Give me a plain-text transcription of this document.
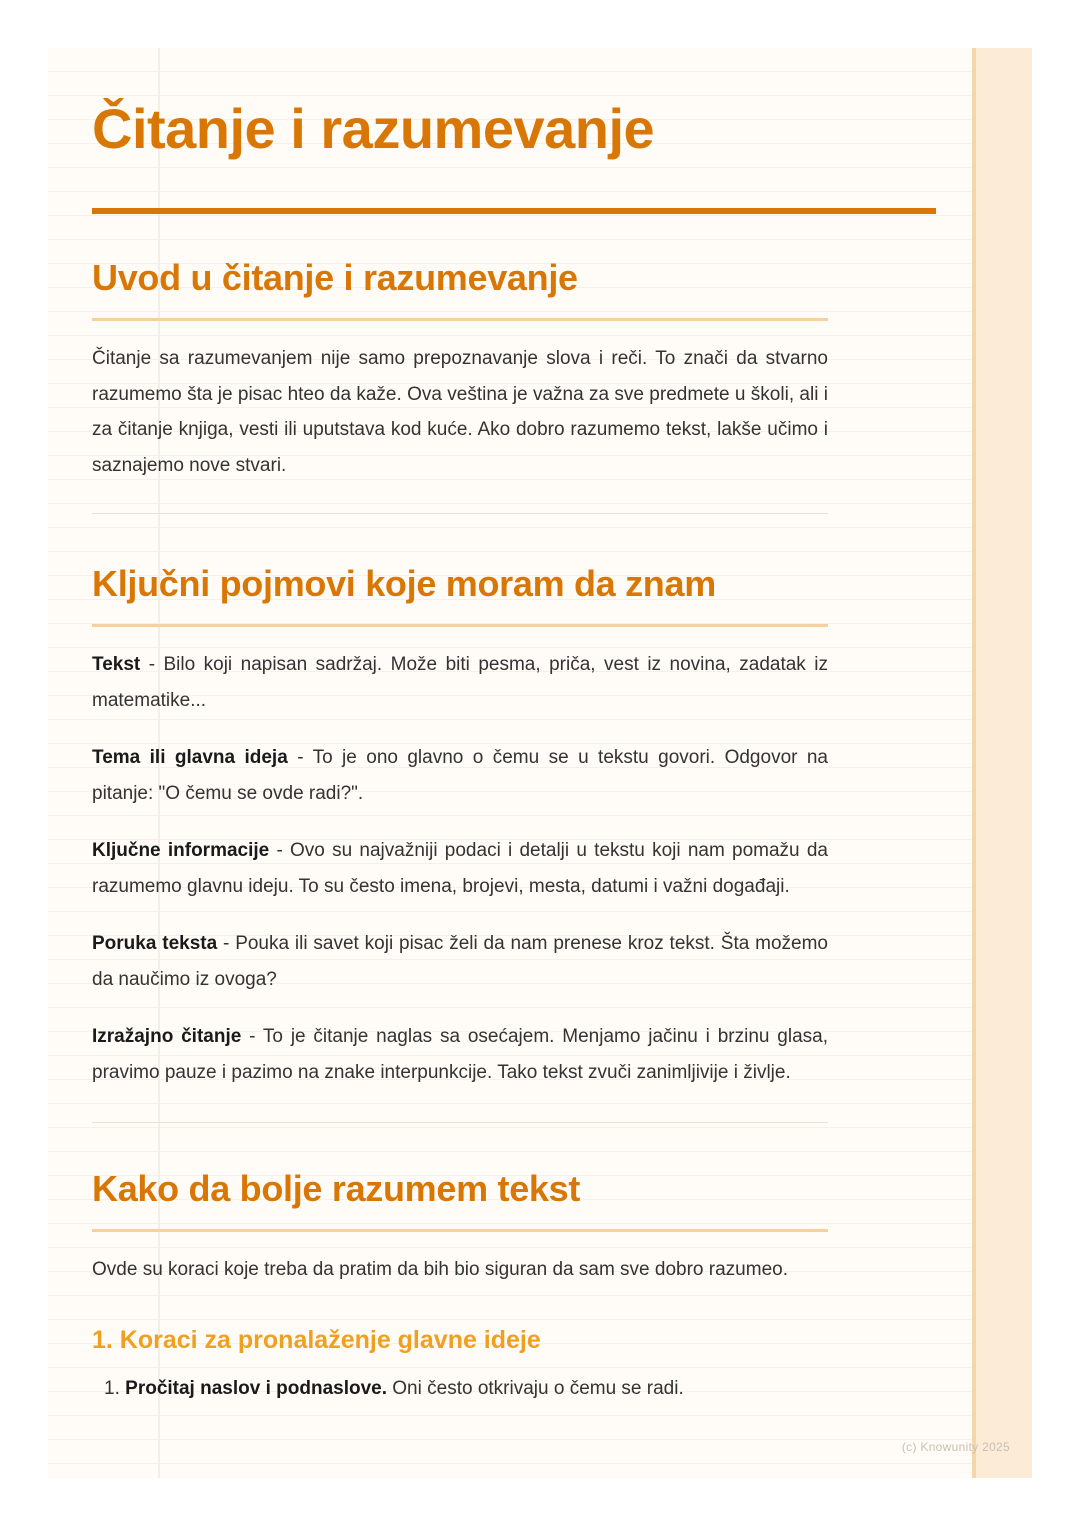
(c) Knowunity 2025
Čitanje i razumevanje
Uvod u čitanje i razumevanje

Čitanje sa razumevanjem nije samo prepoznavanje slova i reči. To znači da stvarno razumemo šta je pisac hteo da kaže. Ova veština je važna za sve predmete u školi, ali i za čitanje knjiga, vesti ili uputstava kod kuće. Ako dobro razumemo tekst, lakše učimo i saznajemo nove stvari.

Ključni pojmovi koje moram da znam

Tekst - Bilo koji napisan sadržaj. Može biti pesma, priča, vest iz novina, zadatak iz matematike...

Tema ili glavna ideja - To je ono glavno o čemu se u tekstu govori. Odgovor na pitanje: "O čemu se ovde radi?".

Ključne informacije - Ovo su najvažniji podaci i detalji u tekstu koji nam pomažu da razumemo glavnu ideju. To su često imena, brojevi, mesta, datumi i važni događaji.

Poruka teksta - Pouka ili savet koji pisac želi da nam prenese kroz tekst. Šta možemo da naučimo iz ovoga?

Izražajno čitanje - To je čitanje naglas sa osećajem. Menjamo jačinu i brzinu glasa, pravimo pauze i pazimo na znake interpunkcije. Tako tekst zvuči zanimljivije i življe.

Kako da bolje razumem tekst

Ovde su koraci koje treba da pratim da bih bio siguran da sam sve dobro razumeo.

1. Koraci za pronalaženje glavne ideje

1. Pročitaj naslov i podnaslove. Oni često otkrivaju o čemu se radi.
